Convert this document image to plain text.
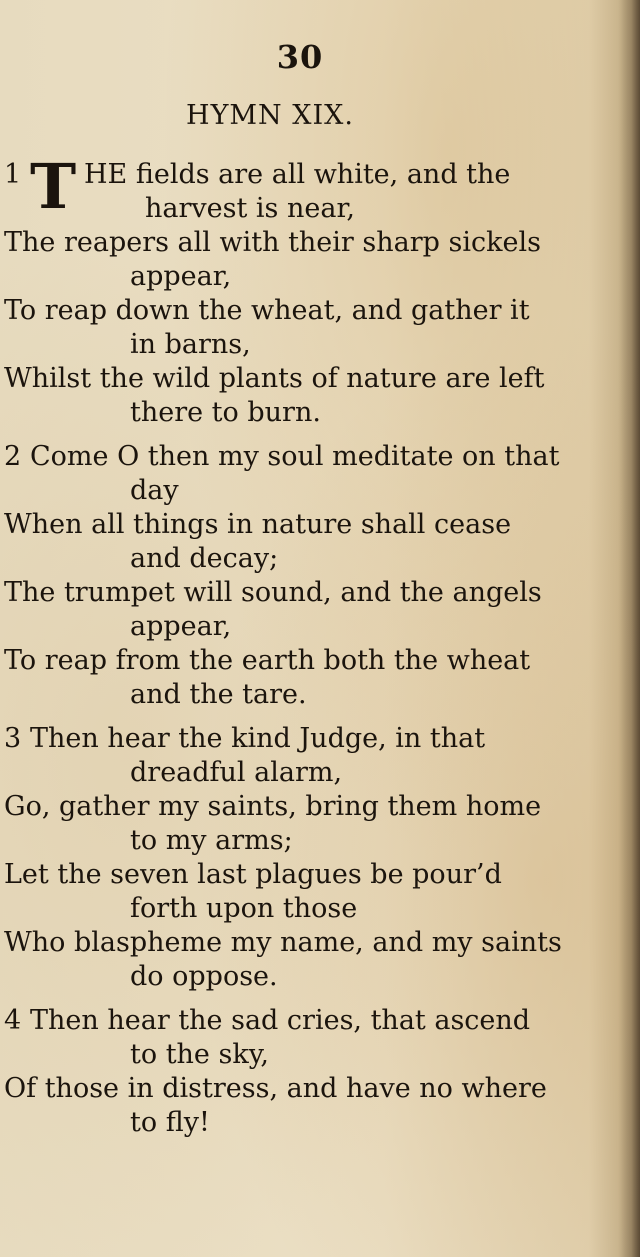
30
HYMN XIX.
1 T HE fields are all white, and the
harvest is near,
The reapers all with their sharp sickels
appear,
To reap down the wheat, and gather it
in barns,
Whilst the wild plants of nature are left
there to burn.
2 Come O then my soul meditate on that
day
When all things in nature shall cease
and decay;
The trumpet will sound, and the angels
appear,
To reap from the earth both the wheat
and the tare.
3 Then hear the kind Judge, in that
dreadful alarm,
Go, gather my saints, bring them home
to my arms;
Let the seven last plagues be pour’d
forth upon those
Who blaspheme my name, and my saints
do oppose.
4 Then hear the sad cries, that ascend
to the sky,
Of those in distress, and have no where
to fly!
